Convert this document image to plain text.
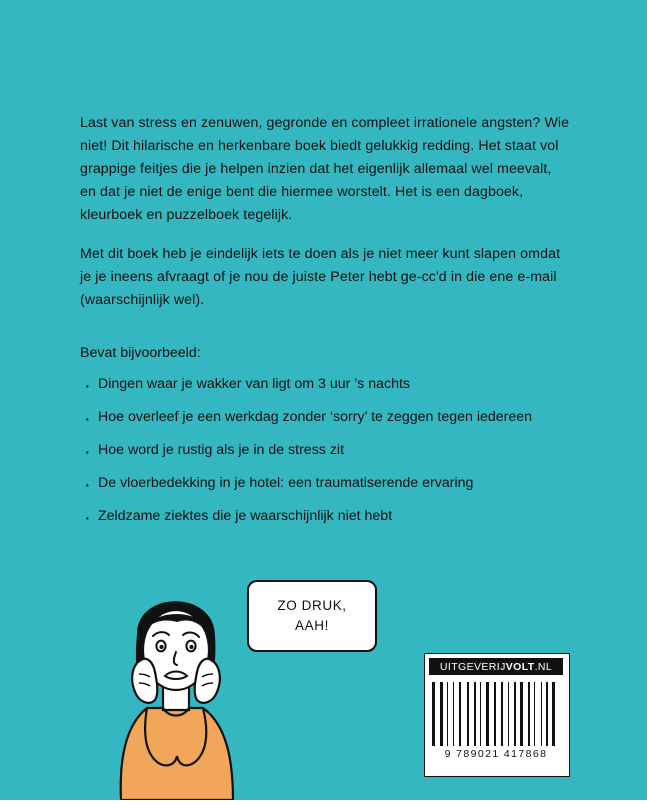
Last van stress en zenuwen, gegronde en compleet irrationele angsten? Wie niet! Dit hilarische en herkenbare boek biedt gelukkig redding. Het staat vol grappige feitjes die je helpen inzien dat het eigenlijk allemaal wel meevalt, en dat je niet de enige bent die hiermee worstelt. Het is een dagboek, kleurboek en puzzelboek tegelijk.

Met dit boek heb je eindelijk iets te doen als je niet meer kunt slapen omdat je je ineens afvraagt of je nou de juiste Peter hebt ge-cc'd in die ene e-mail (waarschijnlijk wel).

Bevat bijvoorbeeld:
· Dingen waar je wakker van ligt om 3 uur ’s nachts
· Hoe overleef je een werkdag zonder ‘sorry’ te zeggen tegen iedereen
· Hoe word je rustig als je in de stress zit
· De vloerbedekking in je hotel: een traumatiserende ervaring
· Zeldzame ziektes die je waarschijnlijk niet hebt
ZO DRUK,
AAH!
UITGEVERIJ VOLT .NL
9 789021 417868
